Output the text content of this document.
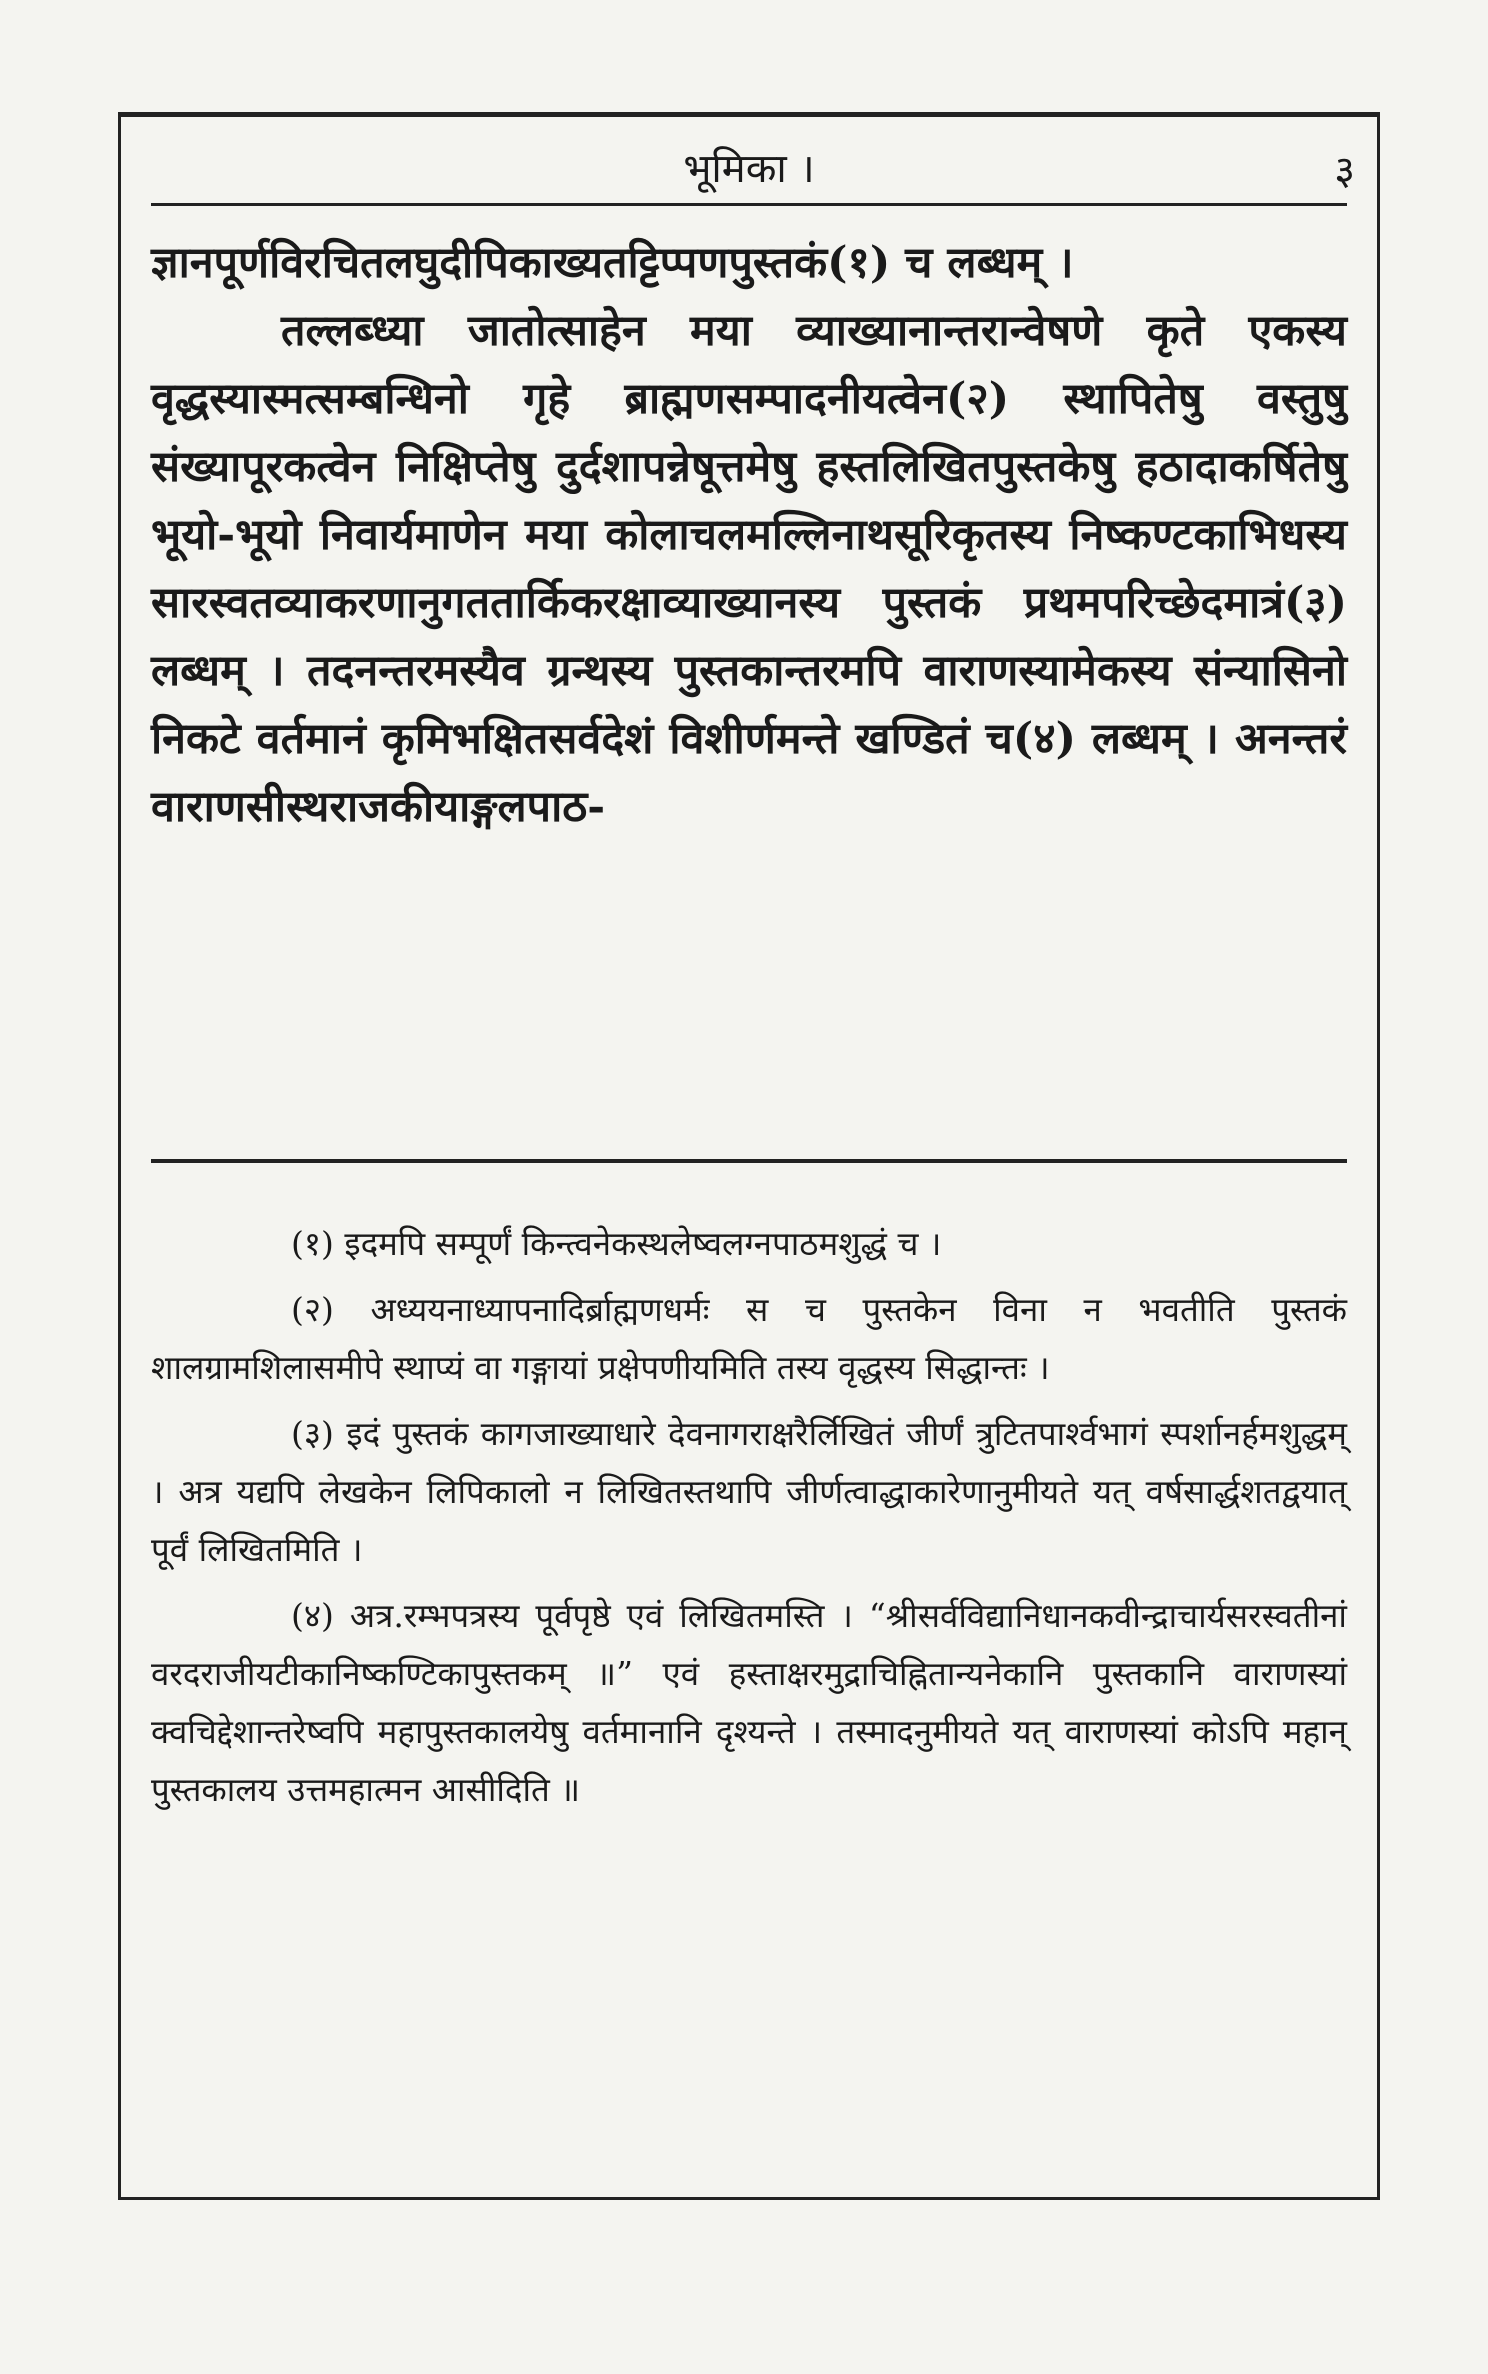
भूमिका ।	३

ज्ञानपूर्णविरचितलघुदीपिकाख्यतट्टिप्पणपुस्तकं(१) च लब्धम् ।

तल्लब्ध्या जातोत्साहेन मया व्याख्यानान्तरान्वेषणे कृते एकस्य वृद्धस्यास्मत्सम्बन्धिनो गृहे ब्राह्मणसम्पादनीयत्वेन(२) स्थापितेषु वस्तुषु संख्यापूरकत्वेन निक्षिप्तेषु दुर्दशापन्नेषूत्तमेषु हस्तलिखितपुस्तकेषु हठादाकर्षितेषु भूयो-भूयो निवार्यमाणेन मया कोलाचलमल्लिनाथसूरिकृतस्य निष्कण्टकाभिधस्य सारस्वतव्याकरणानुगततार्किकरक्षाव्याख्यानस्य पुस्तकं प्रथमपरिच्छेदमात्रं(३) लब्धम् । तदनन्तरमस्यैव ग्रन्थस्य पुस्तकान्तरमपि वाराणस्यामेकस्य संन्यासिनो निकटे वर्तमानं कृमिभक्षितसर्वदेशं विशीर्णमन्ते खण्डितं च(४) लब्धम् । अनन्तरं वाराणसीस्थराजकीयाङ्गलपाठ-

(१) इदमपि सम्पूर्णं किन्त्वनेकस्थलेष्वलग्नपाठमशुद्धं च ।

(२) अध्ययनाध्यापनादिर्ब्राह्मणधर्मः स च पुस्तकेन विना न भवतीति पुस्तकं शालग्रामशिलासमीपे स्थाप्यं वा गङ्गायां प्रक्षेपणीयमिति तस्य वृद्धस्य सिद्धान्तः ।

(३) इदं पुस्तकं कागजाख्याधारे देवनागराक्षरैर्लिखितं जीर्णं त्रुटितपार्श्वभागं स्पर्शानर्हमशुद्धम् । अत्र यद्यपि लेखकेन लिपिकालो न लिखितस्तथापि जीर्णत्वाद्धाकारेणानुमीयते यत् वर्षसार्द्धशतद्वयात् पूर्वं लिखितमिति ।

(४) अत्र.रम्भपत्रस्य पूर्वपृष्ठे एवं लिखितमस्ति । “श्रीसर्वविद्यानिधानकवीन्द्राचार्यसरस्वतीनां वरदराजीयटीकानिष्कण्टिकापुस्तकम् ॥” एवं हस्ताक्षरमुद्राचिह्नितान्यनेकानि पुस्तकानि वाराणस्यां क्वचिद्देशान्तरेष्वपि महापुस्तकालयेषु वर्तमानानि दृश्यन्ते । तस्मादनुमीयते यत् वाराणस्यां कोऽपि महान् पुस्तकालय उत्तमहात्मन आसीदिति ॥
